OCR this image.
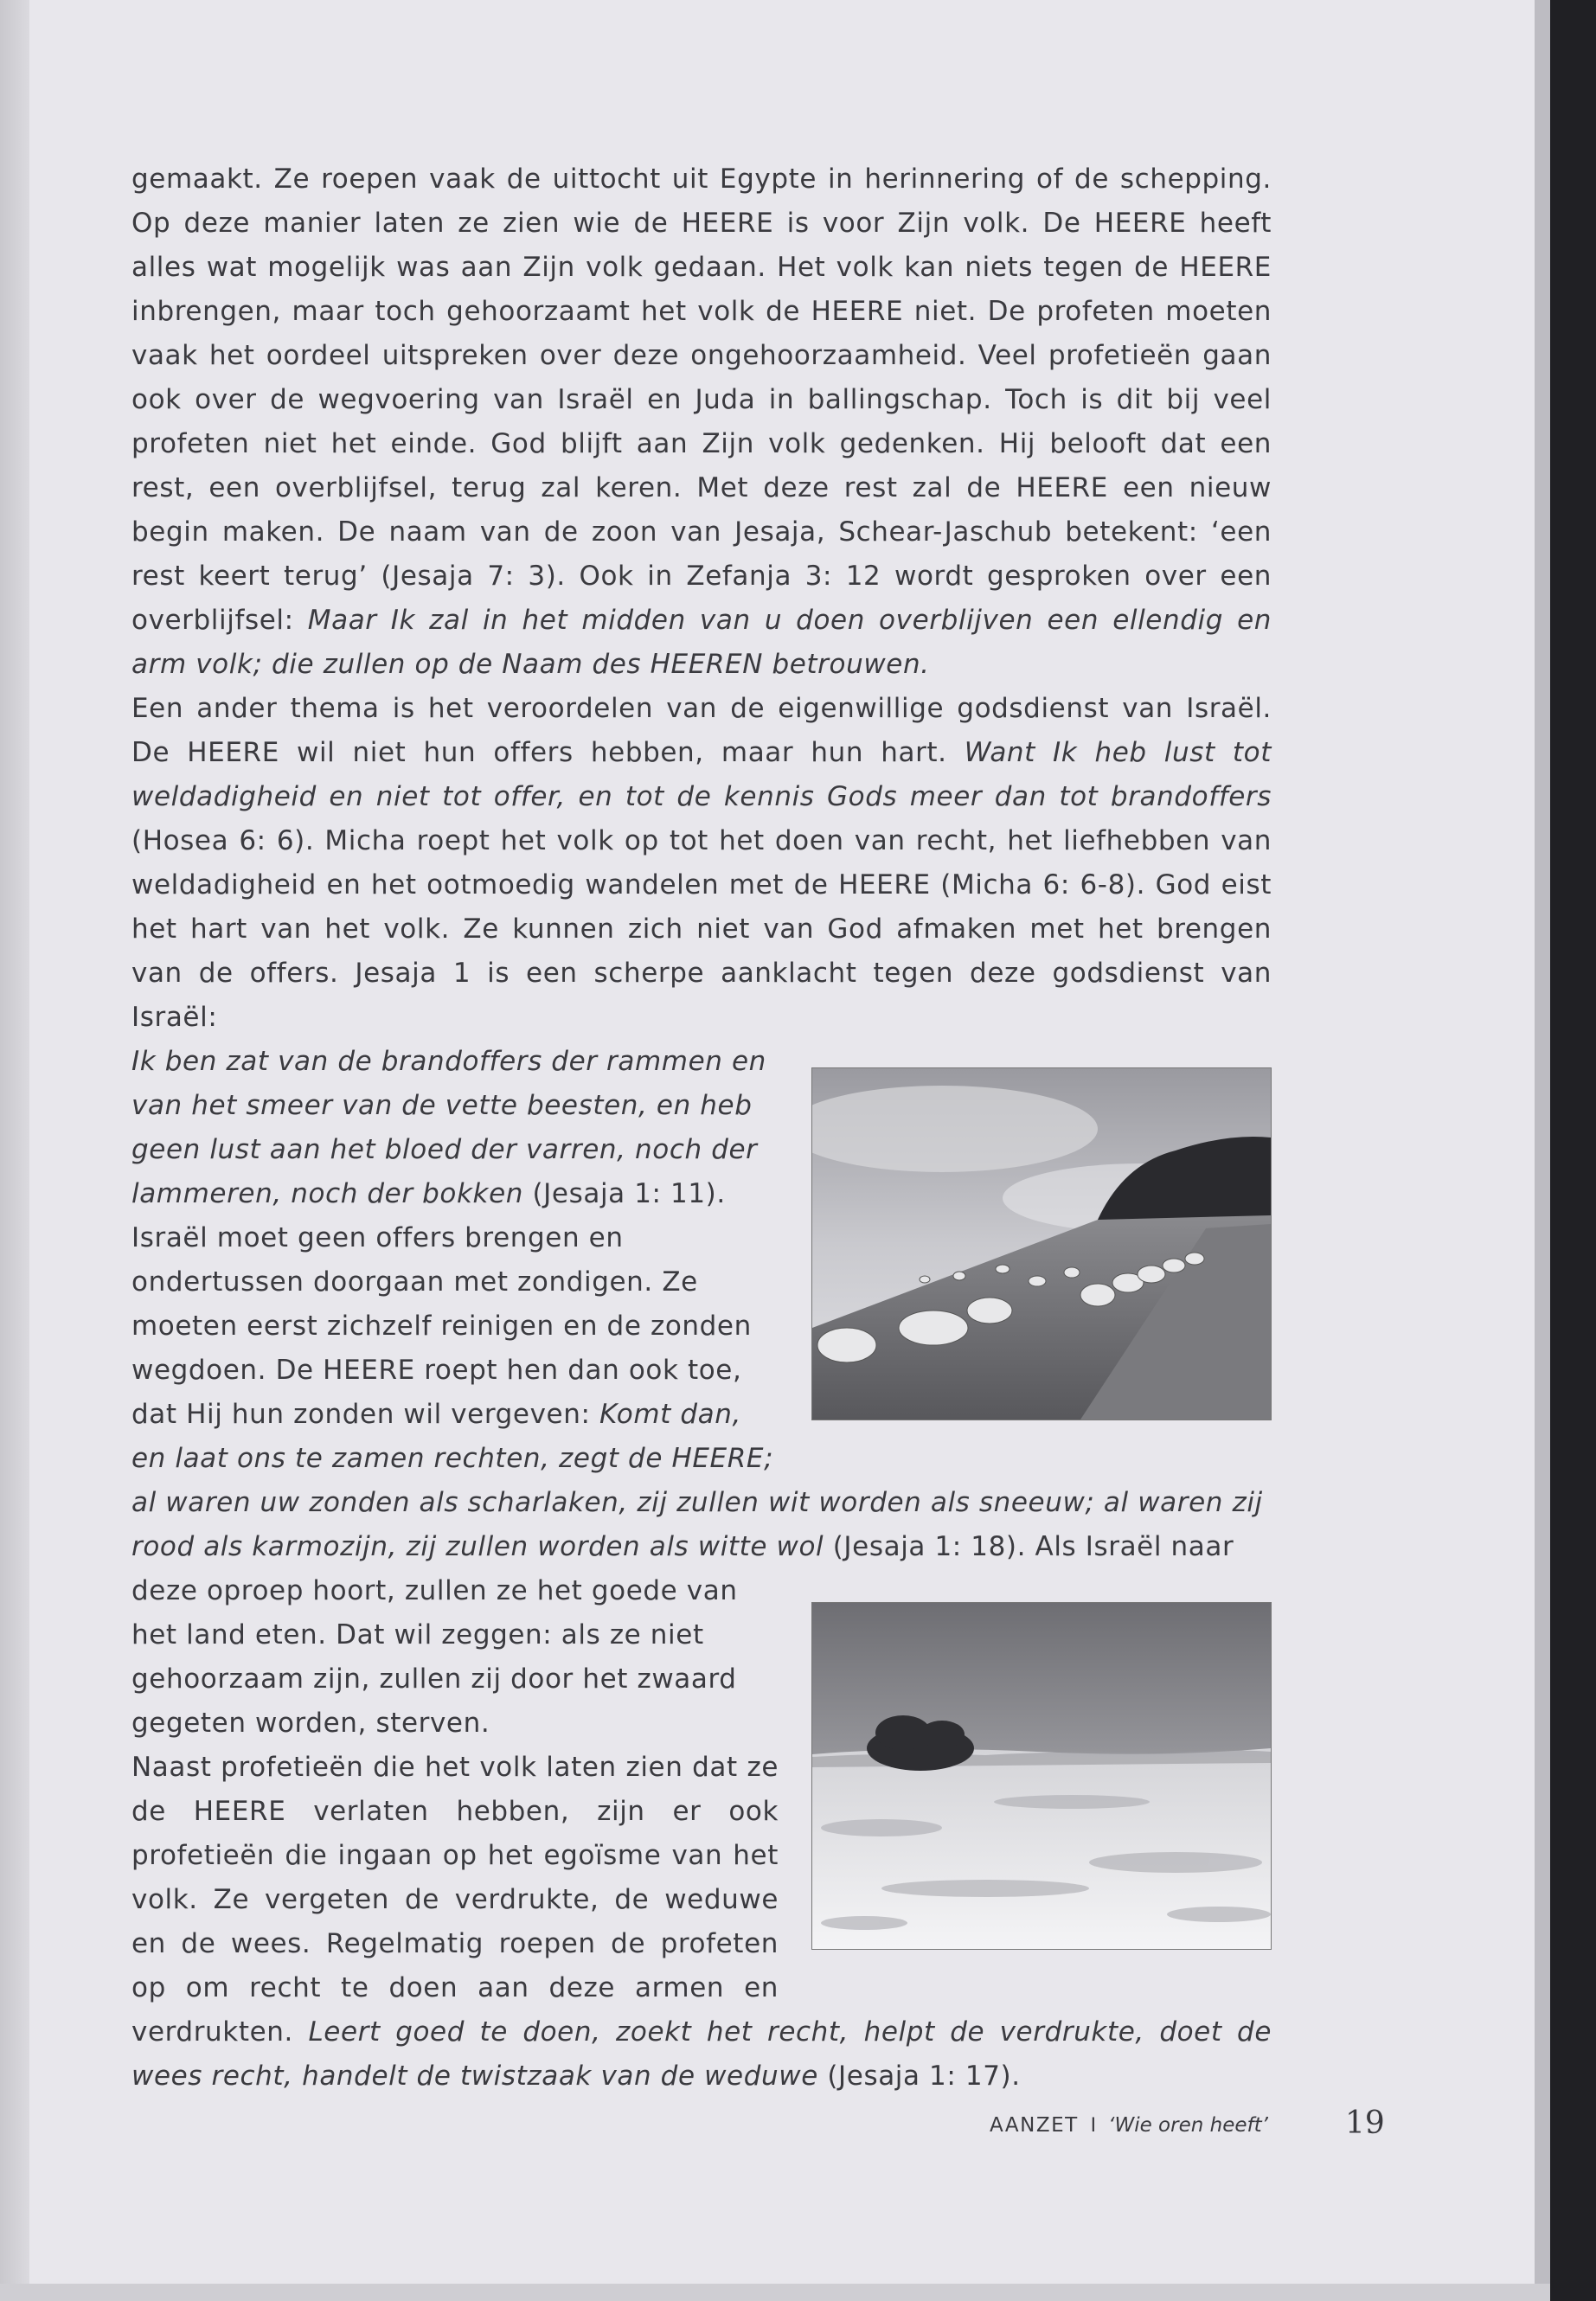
gemaakt. Ze roepen vaak de uittocht uit Egypte in herinnering of de schepping. Op deze manier laten ze zien wie de HEERE is voor Zijn volk. De HEERE heeft alles wat mogelijk was aan Zijn volk gedaan. Het volk kan niets tegen de HEERE inbrengen, maar toch gehoorzaamt het volk de HEERE niet. De profeten moeten vaak het oordeel uitspreken over deze ongehoorzaamheid. Veel profetieën gaan ook over de wegvoering van Israël en Juda in ballingschap. Toch is dit bij veel profeten niet het einde. God blijft aan Zijn volk gedenken. Hij belooft dat een rest, een overblijfsel, terug zal keren. Met deze rest zal de HEERE een nieuw begin maken. De naam van de zoon van Jesaja, Schear-Jaschub betekent: ‘een rest keert terug’ (Jesaja 7: 3). Ook in Zefanja 3: 12 wordt gesproken over een overblijfsel: Maar Ik zal in het midden van u doen overblijven een ellendig en arm volk; die zullen op de Naam des HEEREN betrouwen.

Een ander thema is het veroordelen van de eigenwillige godsdienst van Israël. De HEERE wil niet hun offers hebben, maar hun hart. Want Ik heb lust tot weldadigheid en niet tot offer, en tot de kennis Gods meer dan tot brandoffers (Hosea 6: 6). Micha roept het volk op tot het doen van recht, het liefhebben van weldadigheid en het ootmoedig wandelen met de HEERE (Micha 6: 6-8). God eist het hart van het volk. Ze kunnen zich niet van God afmaken met het brengen van de offers. Jesaja 1 is een scherpe aanklacht tegen deze godsdienst van Israël:

Ik ben zat van de brandoffers der rammen en van het smeer van de vette beesten, en heb geen lust aan het bloed der varren, noch der lammeren, noch der bokken (Jesaja 1: 11). Israël moet geen offers brengen en ondertussen doorgaan met zondigen. Ze moeten eerst zichzelf reinigen en de zonden wegdoen. De HEERE roept hen dan ook toe, dat Hij hun zonden wil vergeven: Komt dan, en laat ons te zamen rechten, zegt de HEERE; al waren uw zonden als scharlaken, zij zullen wit worden als sneeuw; al waren zij rood als karmozijn, zij zullen worden als witte wol
(Jesaja 1: 18). Als Israël naar deze oproep hoort, zullen ze het goede van het land eten. Dat wil zeggen: als ze niet gehoorzaam zijn, zullen zij door het zwaard gegeten worden, sterven.

Naast profetieën die het volk laten zien dat ze de HEERE verlaten hebben, zijn er ook profetieën die ingaan op het egoïsme van het volk. Ze vergeten de verdrukte, de weduwe en de wees. Regelmatig roepen de profeten op om recht te doen aan deze armen en verdrukten. Leert goed te doen, zoekt het recht, helpt de verdrukte, doet de wees recht, handelt de twistzaak van de weduwe (Jesaja 1: 17).

AANZET I ‘Wie oren heeft’ 19
